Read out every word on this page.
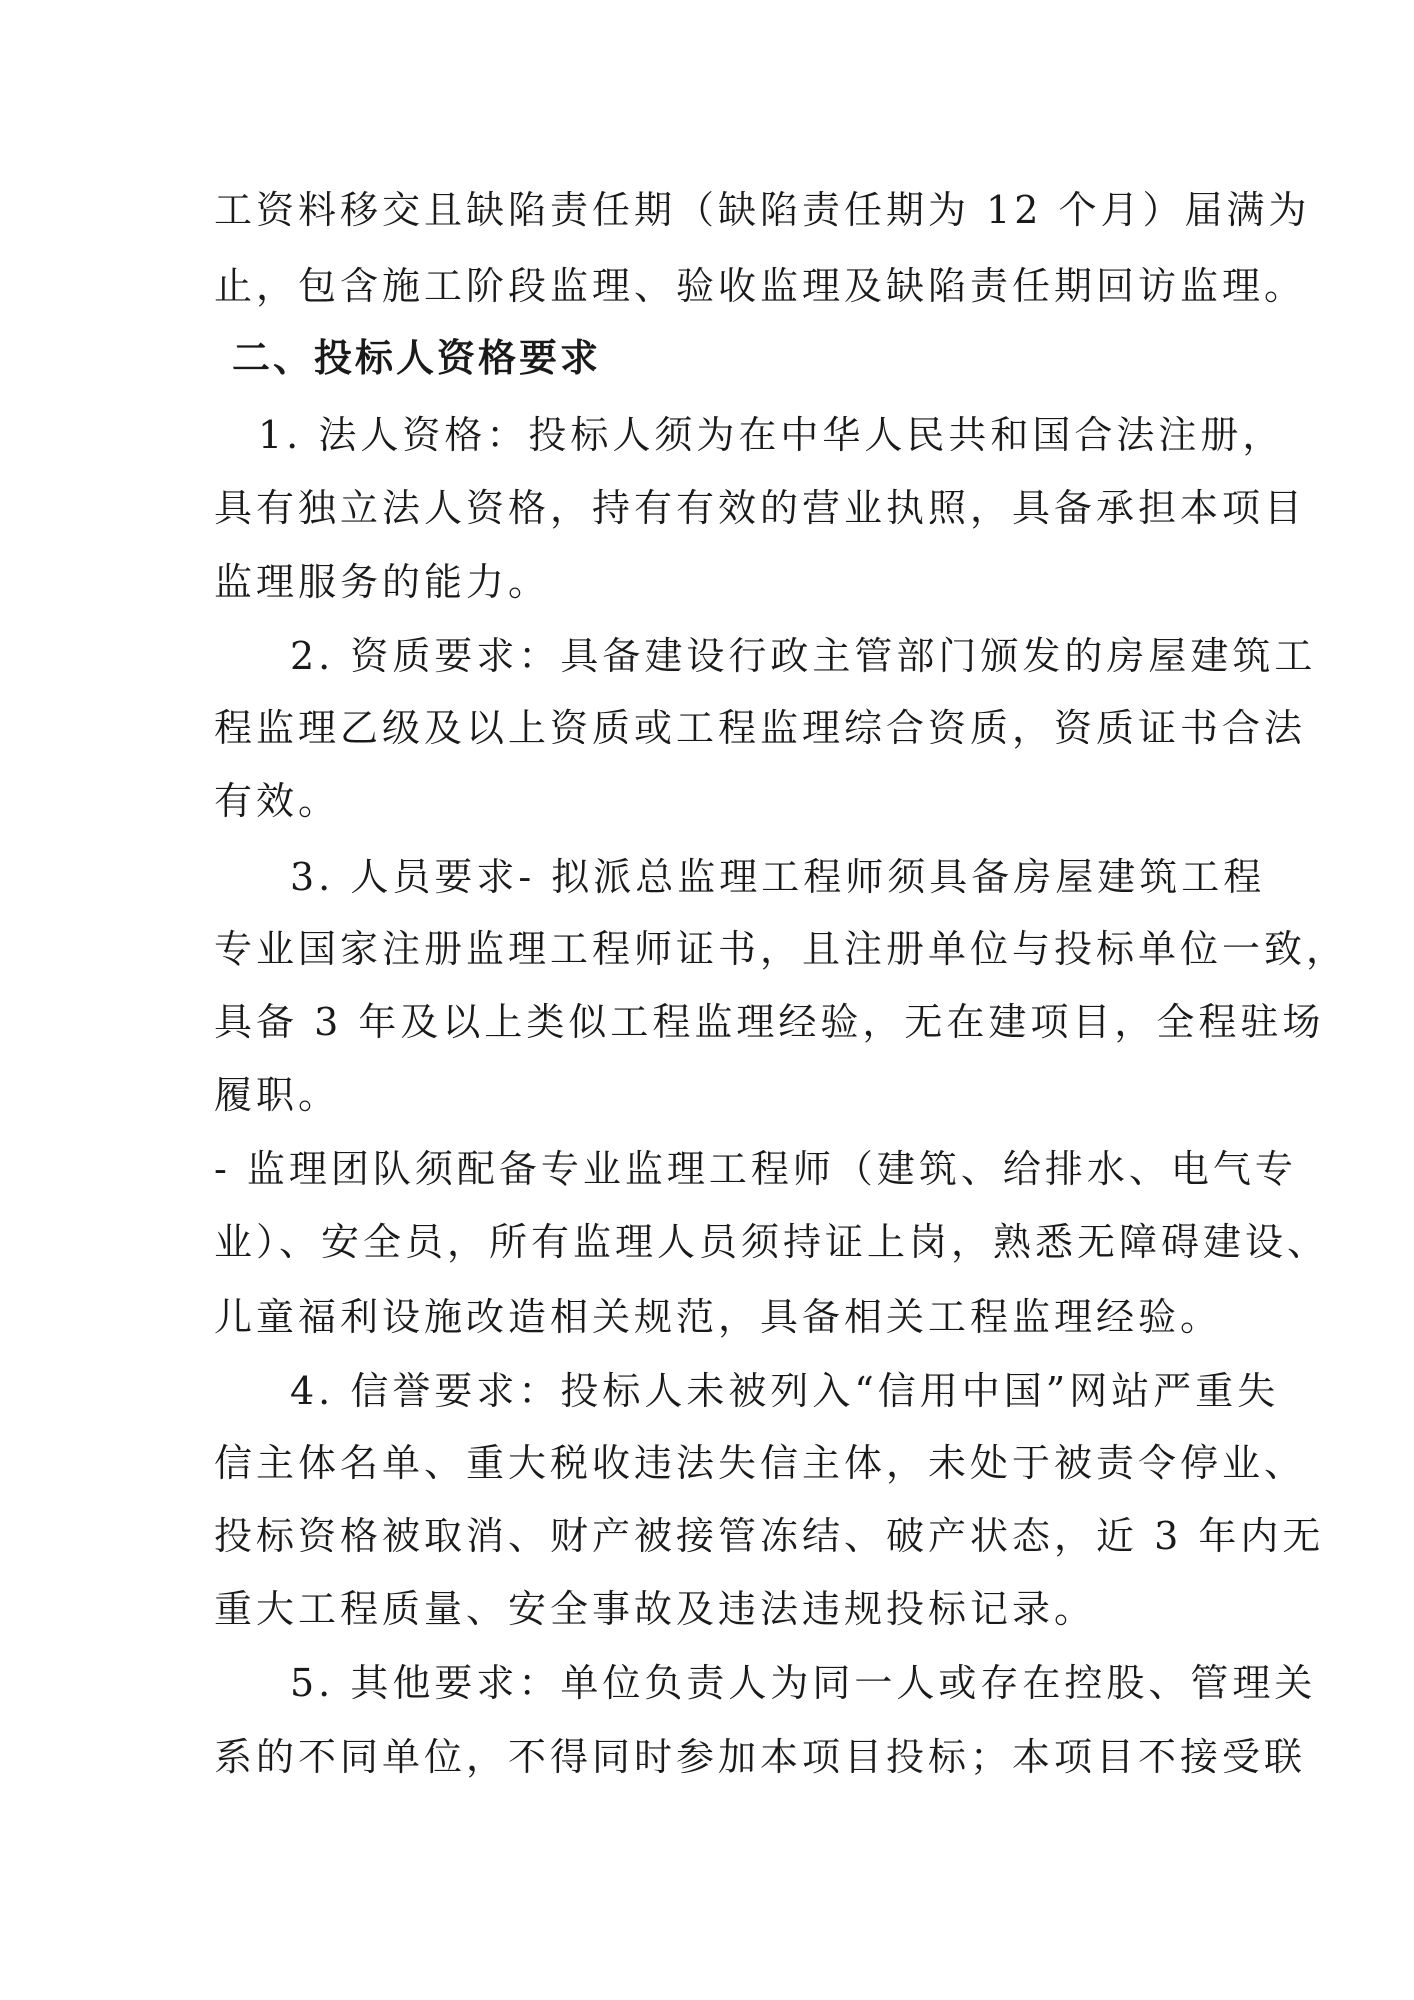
工资料移交且缺陷责任期（缺陷责任期为 12 个月）届满为
止，包含施工阶段监理、验收监理及缺陷责任期回访监理。
二、投标人资格要求
1. 法人资格：投标人须为在中华人民共和国合法注册，
具有独立法人资格，持有有效的营业执照，具备承担本项目
监理服务的能力。
2. 资质要求：具备建设行政主管部门颁发的房屋建筑工
程监理乙级及以上资质或工程监理综合资质，资质证书合法
有效。
3. 人员要求- 拟派总监理工程师须具备房屋建筑工程
专业国家注册监理工程师证书，且注册单位与投标单位一致，
具备 3 年及以上类似工程监理经验，无在建项目，全程驻场
履职。
- 监理团队须配备专业监理工程师（建筑、给排水、电气专
业）、安全员，所有监理人员须持证上岗，熟悉无障碍建设、
儿童福利设施改造相关规范，具备相关工程监理经验。
4. 信誉要求：投标人未被列入“信用中国”网站严重失
信主体名单、重大税收违法失信主体，未处于被责令停业、
投标资格被取消、财产被接管冻结、破产状态，近 3 年内无
重大工程质量、安全事故及违法违规投标记录。
5. 其他要求：单位负责人为同一人或存在控股、管理关
系的不同单位，不得同时参加本项目投标；本项目不接受联
